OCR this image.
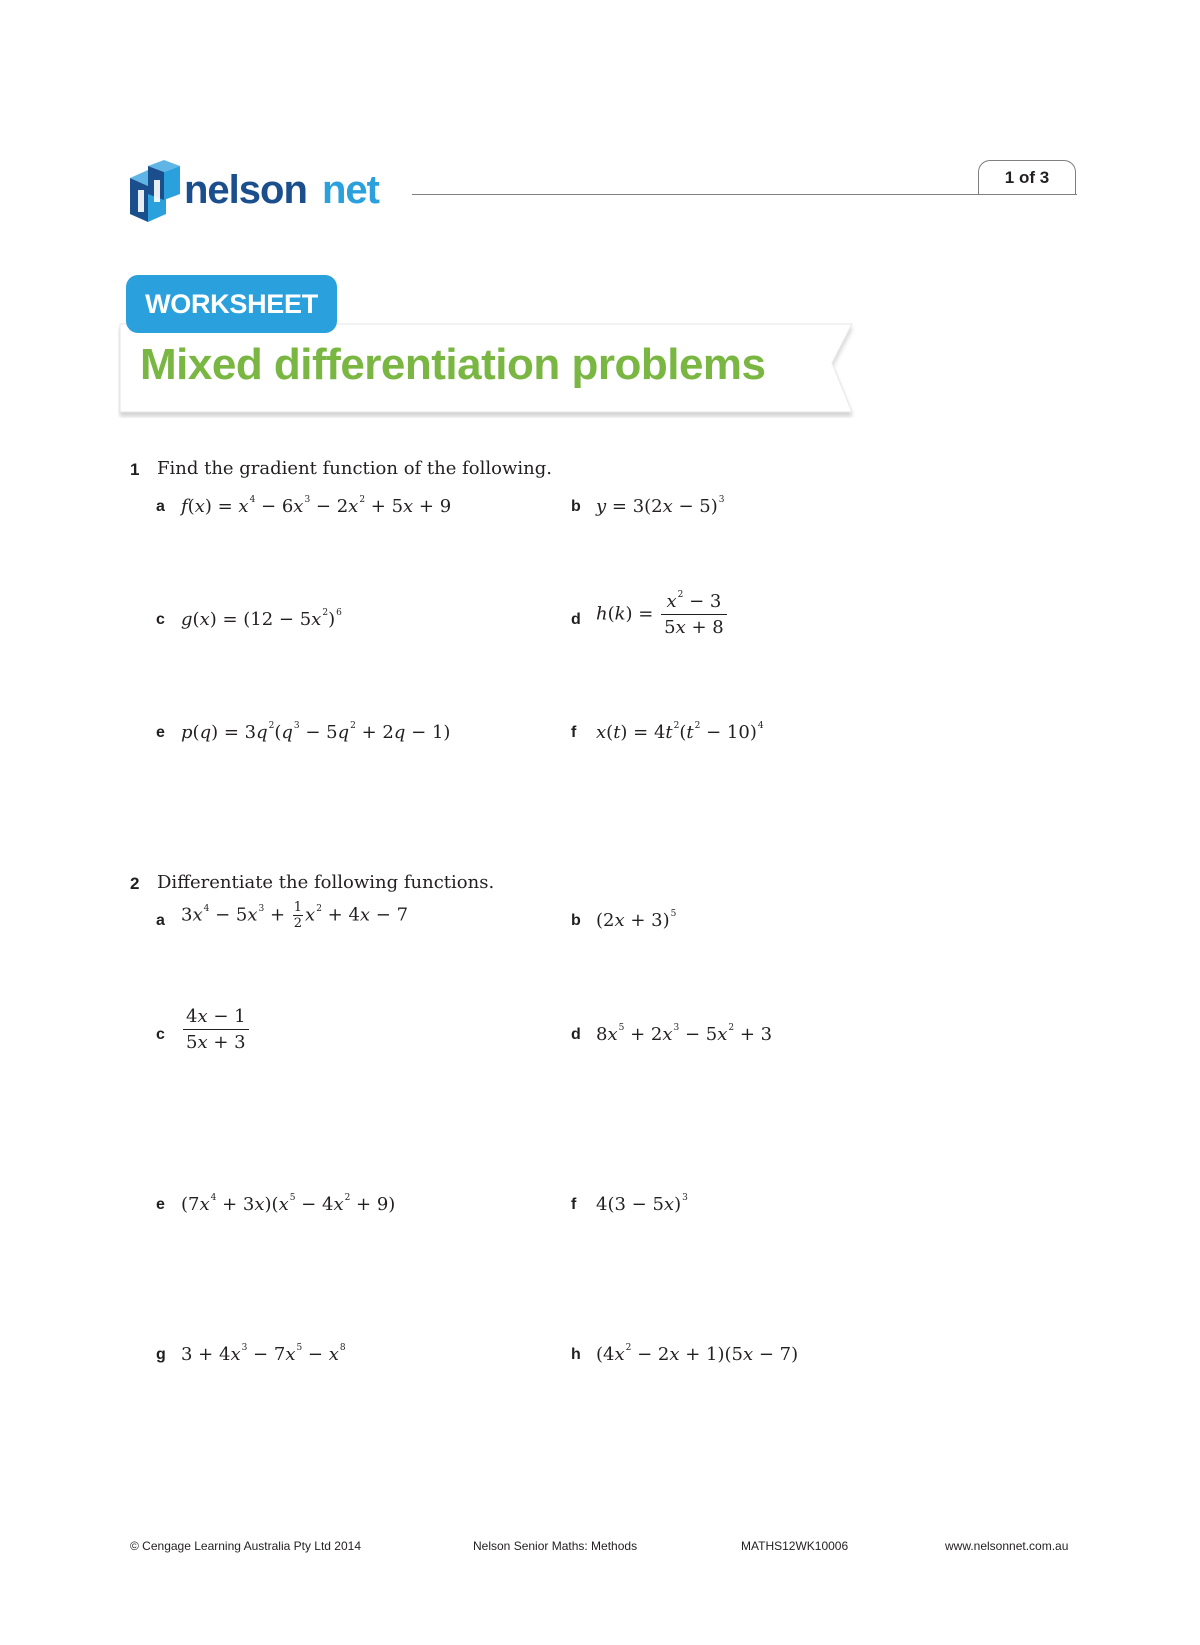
nelson net	1 of 3
WORKSHEET
Mixed differentiation problems
1 Find the gradient function of the following.
a $f(x) = x^4 - 6x^3 - 2x^2 + 5x + 9$	b $y = 3(2x - 5)^3$
c $g(x) = (12 - 5x^2)^6$	d $h(k) = \frac{x^2 - 3}{5x + 8}$
e $p(q) = 3q^2(q^3 - 5q^2 + 2q - 1)$	f $x(t) = 4t^2(t^2 - 10)^4$
2 Differentiate the following functions.
a $3x^4 - 5x^3 + \frac{1}{2} x^2 + 4x - 7$	b $(2x + 3)^5$
c $\frac{4x - 1}{5x + 3}$	d $8x^5 + 2x^3 - 5x^2 + 3$
e $(7x^4 + 3x)(x^5 - 4x^2 + 9)$	f $4(3 - 5x)^3$
g $3 + 4x^3 - 7x^5 - x^8$	h $(4x^2 - 2x + 1)(5x - 7)$
© Cengage Learning Australia Pty Ltd 2014	Nelson Senior Maths: Methods	MATHS12WK10006	www.nelsonnet.com.au
